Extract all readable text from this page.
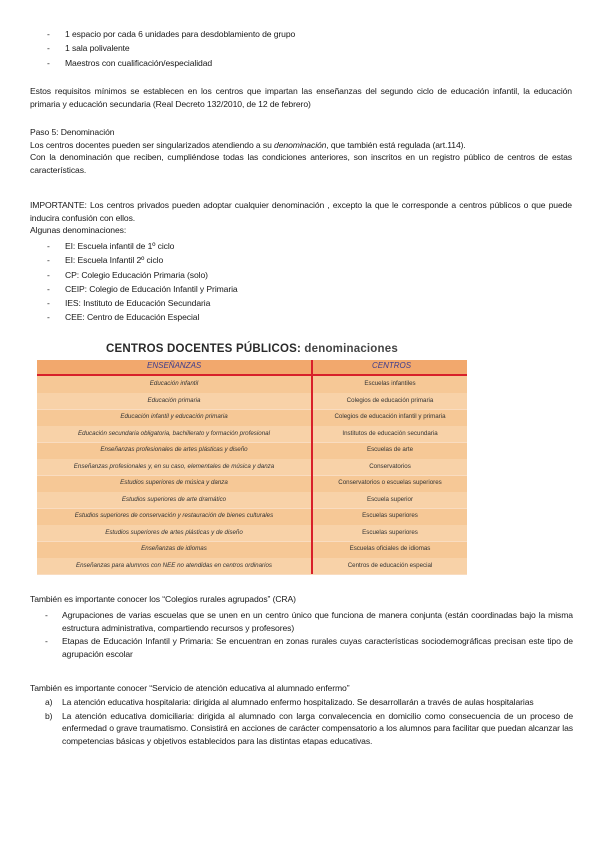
-	1 espacio por cada 6 unidades para desdoblamiento de grupo
-	1 sala polivalente
-	Maestros con cualificación/especialidad

Estos requisitos mínimos se establecen en los centros que impartan las enseñanzas del segundo ciclo de educación infantil, la educación primaria y educación secundaria (Real Decreto 132/2010, de 12 de febrero)

Paso 5: Denominación

Los centros docentes pueden ser singularizados atendiendo a su denominación, que también está regulada (art.114).

Con la denominación que reciben, cumpliéndose todas las condiciones anteriores, son inscritos en un registro público de centros de estas características.

IMPORTANTE: Los centros privados pueden adoptar cualquier denominación , excepto la que le corresponde a centros públicos o que puede inducira confusión con ellos.

Algunas denominaciones:

-	EI: Escuela infantil de 1º ciclo
-	EI: Escuela Infantil 2º ciclo
-	CP: Colegio Educación Primaria (solo)
-	CEIP: Colegio de Educación Infantil y Primaria
-	IES: Instituto de Educación Secundaria
-	CEE: Centro de Educación Especial
CENTROS DOCENTES PÚBLICOS: denominaciones
ENSEÑANZAS	CENTROS
Educación infantil	Escuelas infantiles
Educación primaria	Colegios de educación primaria
Educación infantil y educación primaria	Colegios de educación infantil y primaria
Educación secundaria obligatoria, bachillerato y formación profesional	Institutos de educación secundaria
Enseñanzas profesionales de artes plásticas y diseño	Escuelas de arte
Enseñanzas profesionales y, en su caso, elementales de música y danza	Conservatorios
Estudios superiores de música y danza	Conservatorios o escuelas superiores
Estudios superiores de arte dramático	Escuela superior
Estudios superiores de conservación y restauración de bienes culturales	Escuelas superiores
Estudios superiores de artes plásticas y de diseño	Escuelas superiores
Enseñanzas de idiomas	Escuelas oficiales de idiomas
Enseñanzas para alumnos con NEE no atendidas en centros ordinarios	Centros de educación especial

También es importante conocer los “Colegios rurales agrupados” (CRA)

-	Agrupaciones de varias escuelas que se unen en un centro único que funciona de manera conjunta (están coordinadas bajo la misma estructura administrativa, compartiendo recursos y profesores)
-	Etapas de Educación Infantil y Primaria: Se encuentran en zonas rurales cuyas características sociodemográficas precisan este tipo de agrupación escolar

También es importante conocer “Servicio de atención educativa al alumnado enfermo”

a)	La atención educativa hospitalaria: dirigida al alumnado enfermo hospitalizado. Se desarrollarán a través de aulas hospitalarias
b)	La atención educativa domiciliaria: dirigida al alumnado con larga convalecencia en domicilio como consecuencia de un proceso de enfermedad o grave traumatismo. Consistirá en acciones de carácter compensatorio a los alumnos para facilitar que puedan alcanzar las competencias básicas y objetivos establecidos para las distintas etapas educativas.
